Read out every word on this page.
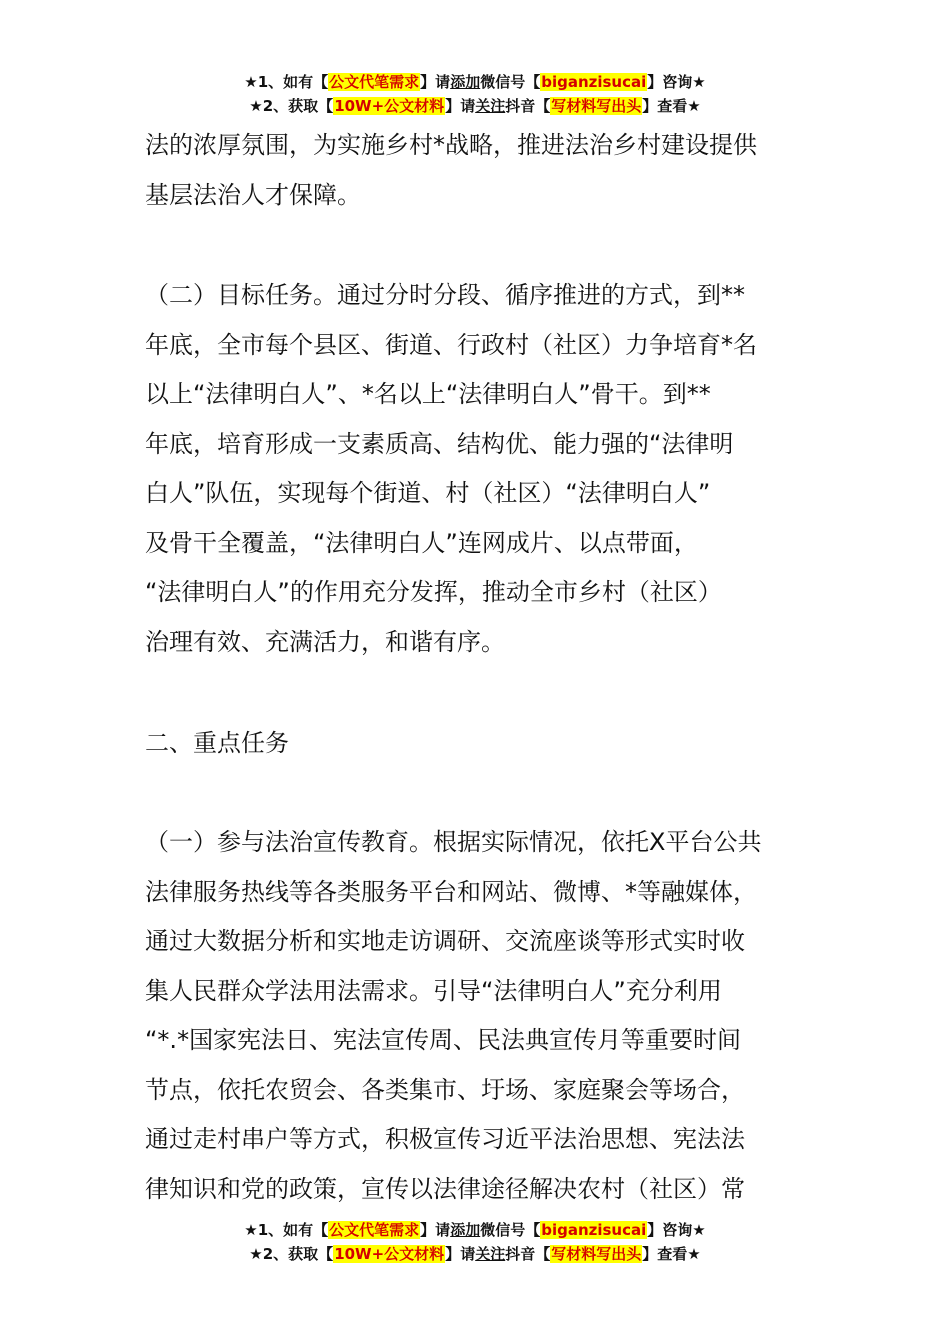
★1、如有【公文代笔需求】请添加微信号【biganzisucai】咨询★
★2、获取【10W+公文材料】请关注抖音【写材料写出头】查看★
法的浓厚氛围，为实施乡村*战略，推进法治乡村建设提供
基层法治人才保障。
（二）目标任务。通过分时分段、循序推进的方式，到**
年底，全市每个县区、街道、行政村（社区）力争培育*名
以上“法律明白人”、*名以上“法律明白人”骨干。到**
年底，培育形成一支素质高、结构优、能力强的“法律明
白人”队伍，实现每个街道、村（社区）“法律明白人”
及骨干全覆盖，“法律明白人”连网成片、以点带面，
“法律明白人”的作用充分发挥，推动全市乡村（社区）
治理有效、充满活力，和谐有序。
二、重点任务
（一）参与法治宣传教育。根据实际情况，依托X平台公共
法律服务热线等各类服务平台和网站、微博、*等融媒体，
通过大数据分析和实地走访调研、交流座谈等形式实时收
集人民群众学法用法需求。引导“法律明白人”充分利用
“*.*国家宪法日、宪法宣传周、民法典宣传月等重要时间
节点，依托农贸会、各类集市、圩场、家庭聚会等场合，
通过走村串户等方式，积极宣传习近平法治思想、宪法法
律知识和党的政策，宣传以法律途径解决农村（社区）常
★1、如有【公文代笔需求】请添加微信号【biganzisucai】咨询★
★2、获取【10W+公文材料】请关注抖音【写材料写出头】查看★
